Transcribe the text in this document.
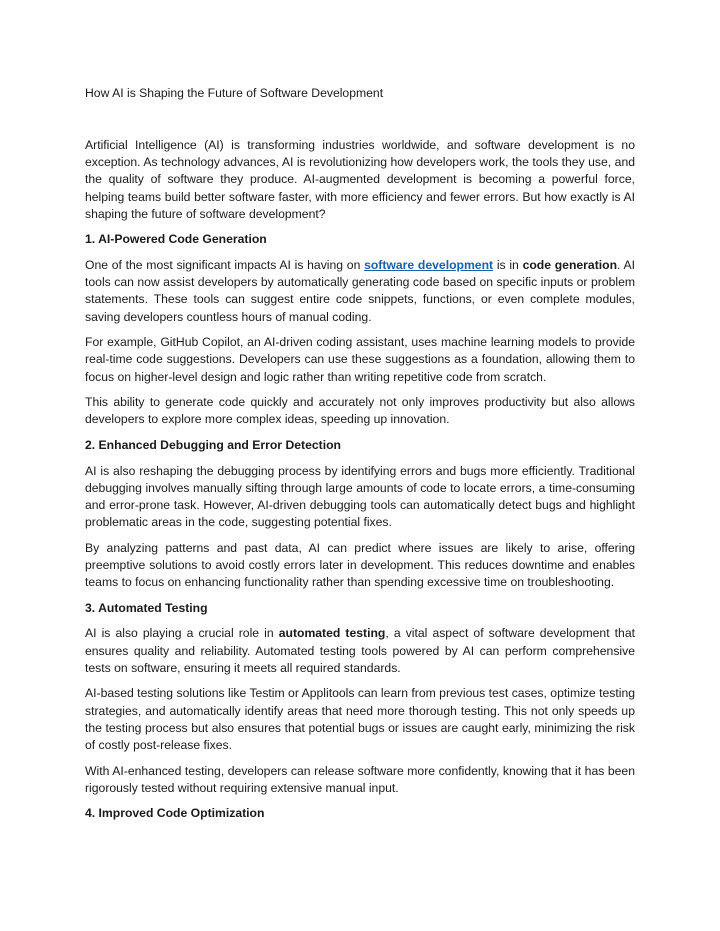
How AI is Shaping the Future of Software Development

Artificial Intelligence (AI) is transforming industries worldwide, and software development is no exception. As technology advances, AI is revolutionizing how developers work, the tools they use, and the quality of software they produce. AI-augmented development is becoming a powerful force, helping teams build better software faster, with more efficiency and fewer errors. But how exactly is AI shaping the future of software development?

1. AI-Powered Code Generation

One of the most significant impacts AI is having on software development is in code generation. AI tools can now assist developers by automatically generating code based on specific inputs or problem statements. These tools can suggest entire code snippets, functions, or even complete modules, saving developers countless hours of manual coding.

For example, GitHub Copilot, an AI-driven coding assistant, uses machine learning models to provide real-time code suggestions. Developers can use these suggestions as a foundation, allowing them to focus on higher-level design and logic rather than writing repetitive code from scratch.

This ability to generate code quickly and accurately not only improves productivity but also allows developers to explore more complex ideas, speeding up innovation.

2. Enhanced Debugging and Error Detection

AI is also reshaping the debugging process by identifying errors and bugs more efficiently. Traditional debugging involves manually sifting through large amounts of code to locate errors, a time-consuming and error-prone task. However, AI-driven debugging tools can automatically detect bugs and highlight problematic areas in the code, suggesting potential fixes.

By analyzing patterns and past data, AI can predict where issues are likely to arise, offering preemptive solutions to avoid costly errors later in development. This reduces downtime and enables teams to focus on enhancing functionality rather than spending excessive time on troubleshooting.

3. Automated Testing

AI is also playing a crucial role in automated testing, a vital aspect of software development that ensures quality and reliability. Automated testing tools powered by AI can perform comprehensive tests on software, ensuring it meets all required standards.

AI-based testing solutions like Testim or Applitools can learn from previous test cases, optimize testing strategies, and automatically identify areas that need more thorough testing. This not only speeds up the testing process but also ensures that potential bugs or issues are caught early, minimizing the risk of costly post-release fixes.

With AI-enhanced testing, developers can release software more confidently, knowing that it has been rigorously tested without requiring extensive manual input.

4. Improved Code Optimization
